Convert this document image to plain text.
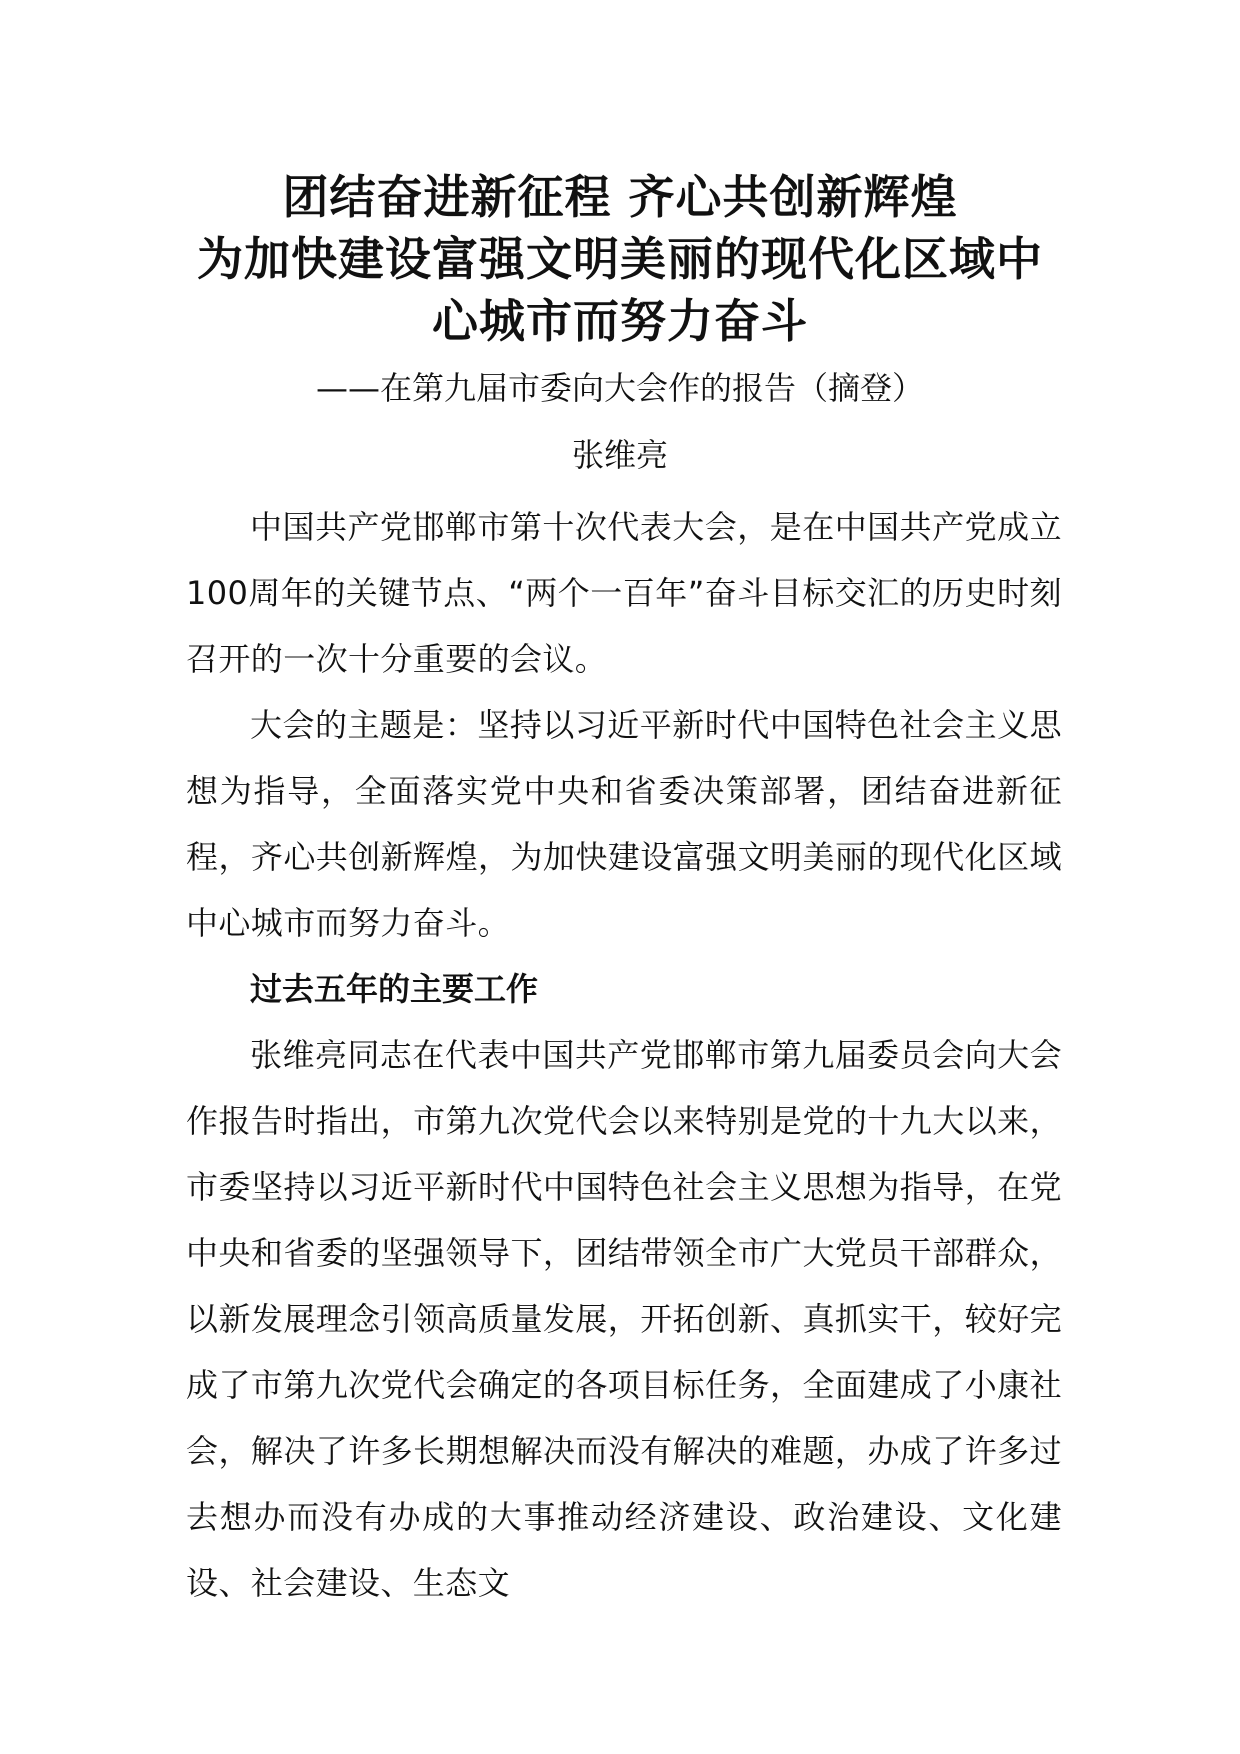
团结奋进新征程 齐心共创新辉煌
为加快建设富强文明美丽的现代化区域中
心城市而努力奋斗
——在第九届市委向大会作的报告（摘登）
张维亮

中国共产党邯郸市第十次代表大会，是在中国共产党成立100周年的关键节点、“两个一百年”奋斗目标交汇的历史时刻召开的一次十分重要的会议。

大会的主题是：坚持以习近平新时代中国特色社会主义思想为指导，全面落实党中央和省委决策部署，团结奋进新征程，齐心共创新辉煌，为加快建设富强文明美丽的现代化区域中心城市而努力奋斗。

过去五年的主要工作

张维亮同志在代表中国共产党邯郸市第九届委员会向大会作报告时指出，市第九次党代会以来特别是党的十九大以来，市委坚持以习近平新时代中国特色社会主义思想为指导，在党中央和省委的坚强领导下，团结带领全市广大党员干部群众，以新发展理念引领高质量发展，开拓创新、真抓实干，较好完成了市第九次党代会确定的各项目标任务，全面建成了小康社会，解决了许多长期想解决而没有解决的难题，办成了许多过去想办而没有办成的大事推动经济建设、政治建设、文化建设、社会建设、生态文
